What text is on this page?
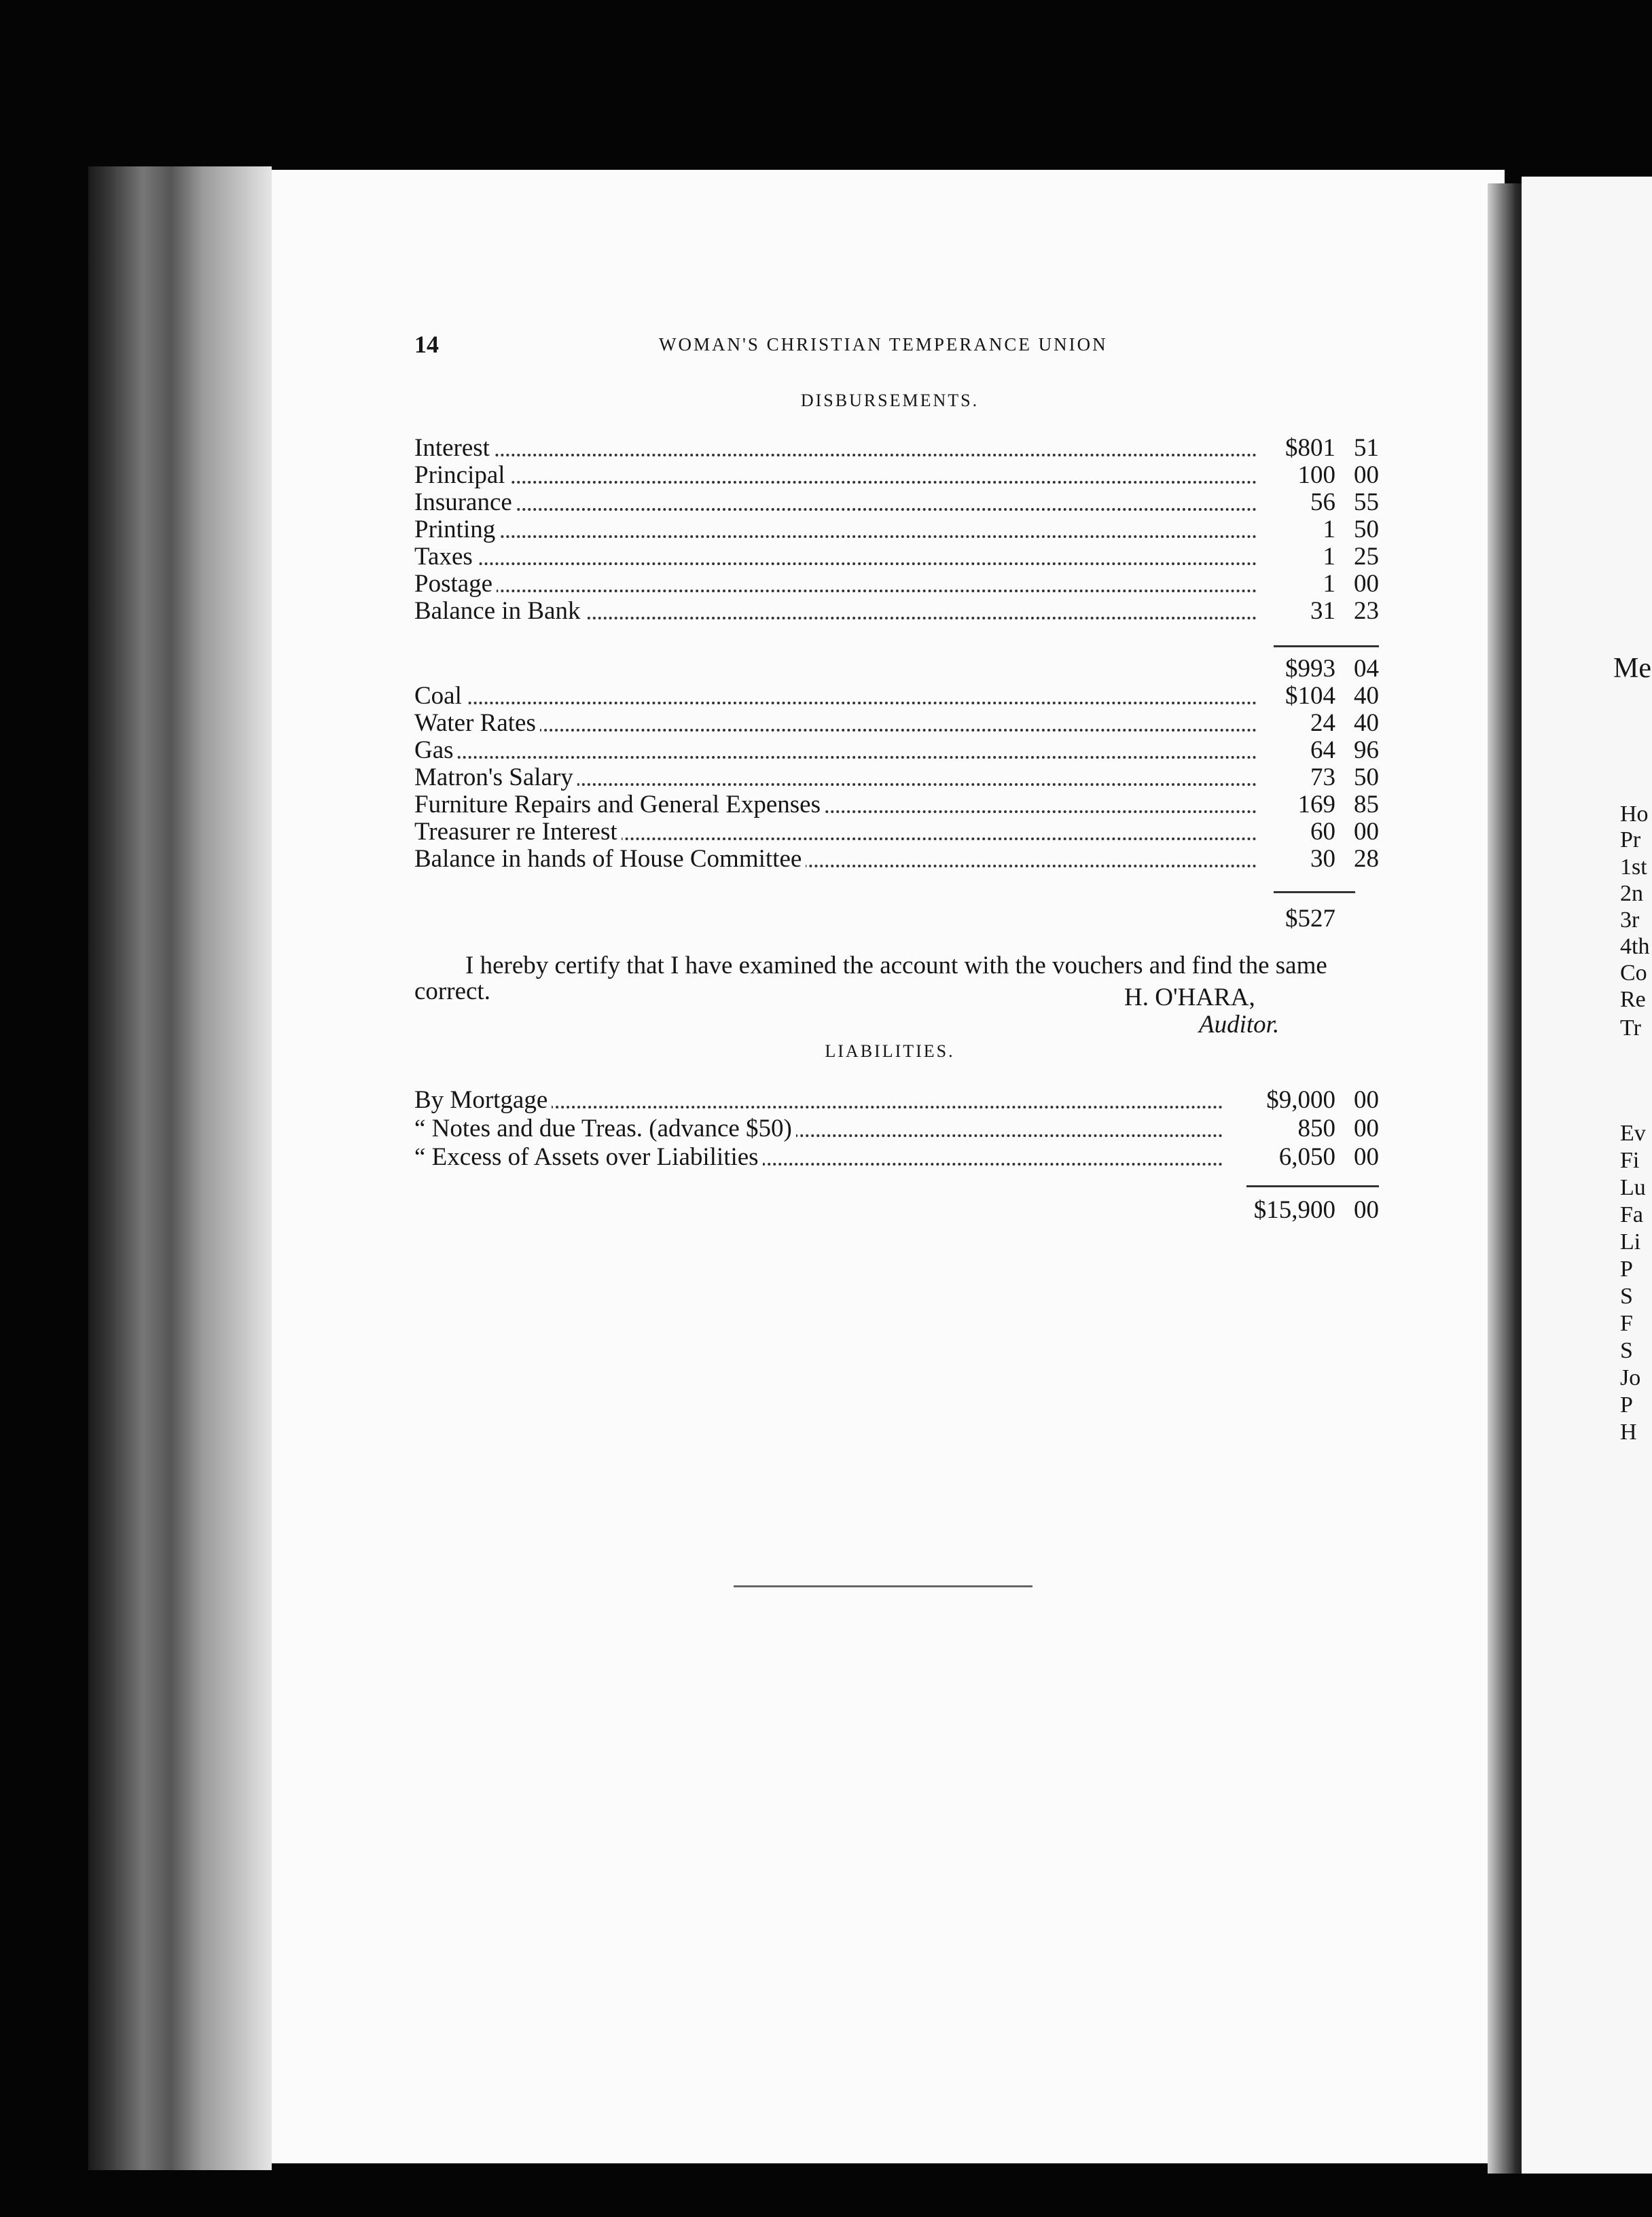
Me
Ho
Pr
1st
2n
3r
4th
Co
Re
Tr
Ev
Fi
Lu
Fa
Li
P
S
F
S
Jo
P
H
14	WOMAN'S CHRISTIAN TEMPERANCE UNION
DISBURSEMENTS.
Interest	$801 51
Principal	100 00
Insurance	56 55
Printing	1 50
Taxes	1 25
Postage	1 00
Balance in Bank	31 23
$993 04
Coal	$104 40
Water Rates	24 40
Gas	64 96
Matron's Salary	73 50
Furniture Repairs and General Expenses	169 85
Treasurer re Interest	60 00
Balance in hands of House Committee	30 28
$527
I hereby certify that I have examined the account with the vouchers and find the same correct.	H. O'HARA,
Auditor.
LIABILITIES.
By Mortgage	$9,000 00
“ Notes and due Treas. (advance $50)	850 00
“ Excess of Assets over Liabilities	6,050 00
$15,900 00
